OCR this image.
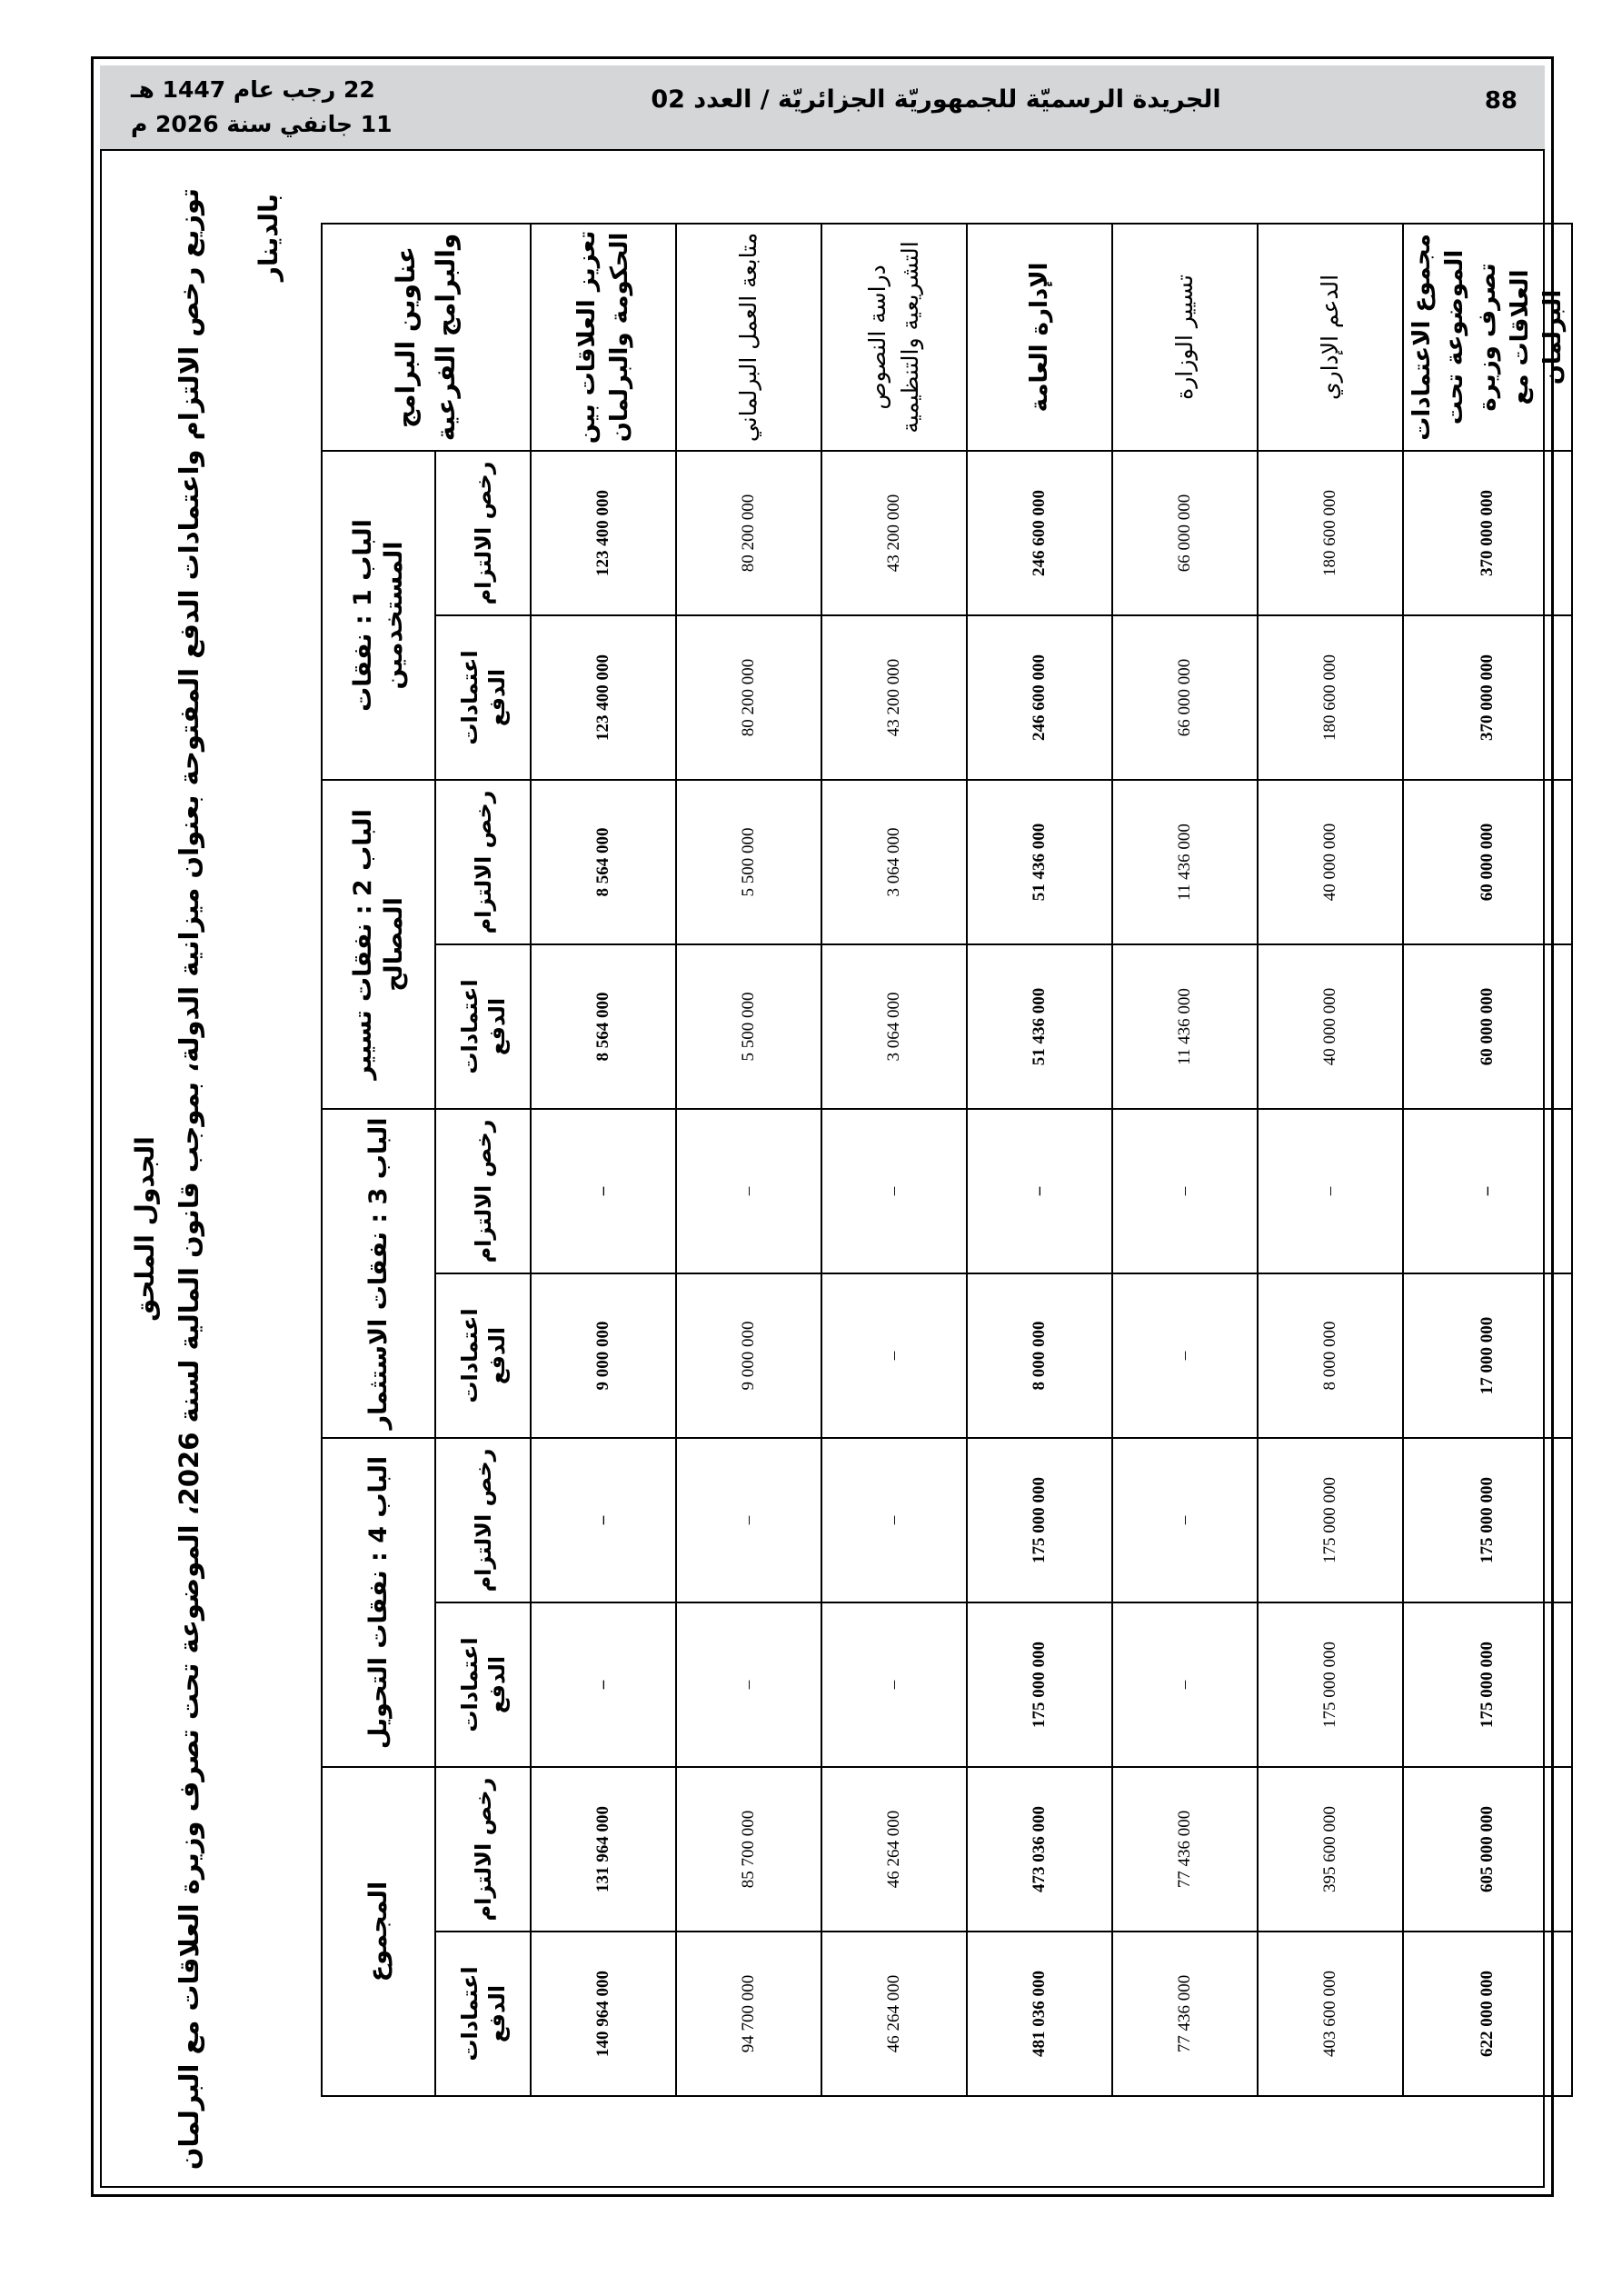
88
الجريدة الرسميّة للجمهوريّة الجزائريّة / العدد 02
22 رجب عام 1447 هـ
11 جانفي سنة 2026 م
الجدول الملحق
توزيع رخص الالتزام واعتمادات الدفع المفتوحة بعنوان ميزانية الدولة، بموجب قانون المالية لسنة 2026، الموضوعة تحت تصرف وزيرة العلاقات مع البرلمان بالدينار
عناوين البرامج والبرامج الفرعية	الباب 1 : نفقات المستخدمين		الباب 2 : نفقات تسيير المصالح		الباب 3 : نفقات الاستثمار		الباب 4 : نفقات التحويل		المجموع	
	رخص الالتزام	اعتمادات الدفع	رخص الالتزام	اعتمادات الدفع	رخص الالتزام	اعتمادات الدفع	رخص الالتزام	اعتمادات الدفع	رخص الالتزام	اعتمادات الدفع
تعزيز العلاقات بين الحكومة والبرلمان	123 400 000	123 400 000	8 564 000	8 564 000	–	9 000 000	–	–	131 964 000	140 964 000
متابعة العمل البرلماني	80 200 000	80 200 000	5 500 000	5 500 000	–	9 000 000	–	–	85 700 000	94 700 000
دراسة النصوص التشريعية والتنظيمية	43 200 000	43 200 000	3 064 000	3 064 000	–	–	–	–	46 264 000	46 264 000
الإدارة العامة	246 600 000	246 600 000	51 436 000	51 436 000	–	8 000 000	175 000 000	175 000 000	473 036 000	481 036 000
تسيير الوزارة	66 000 000	66 000 000	11 436 000	11 436 000	–	–	–	–	77 436 000	77 436 000
الدعم الإداري	180 600 000	180 600 000	40 000 000	40 000 000	–	8 000 000	175 000 000	175 000 000	395 600 000	403 600 000
مجموع الاعتمادات الموضوعة تحت تصرف وزيرة العلاقات مع البرلمان	370 000 000	370 000 000	60 000 000	60 000 000	–	17 000 000	175 000 000	175 000 000	605 000 000	622 000 000
